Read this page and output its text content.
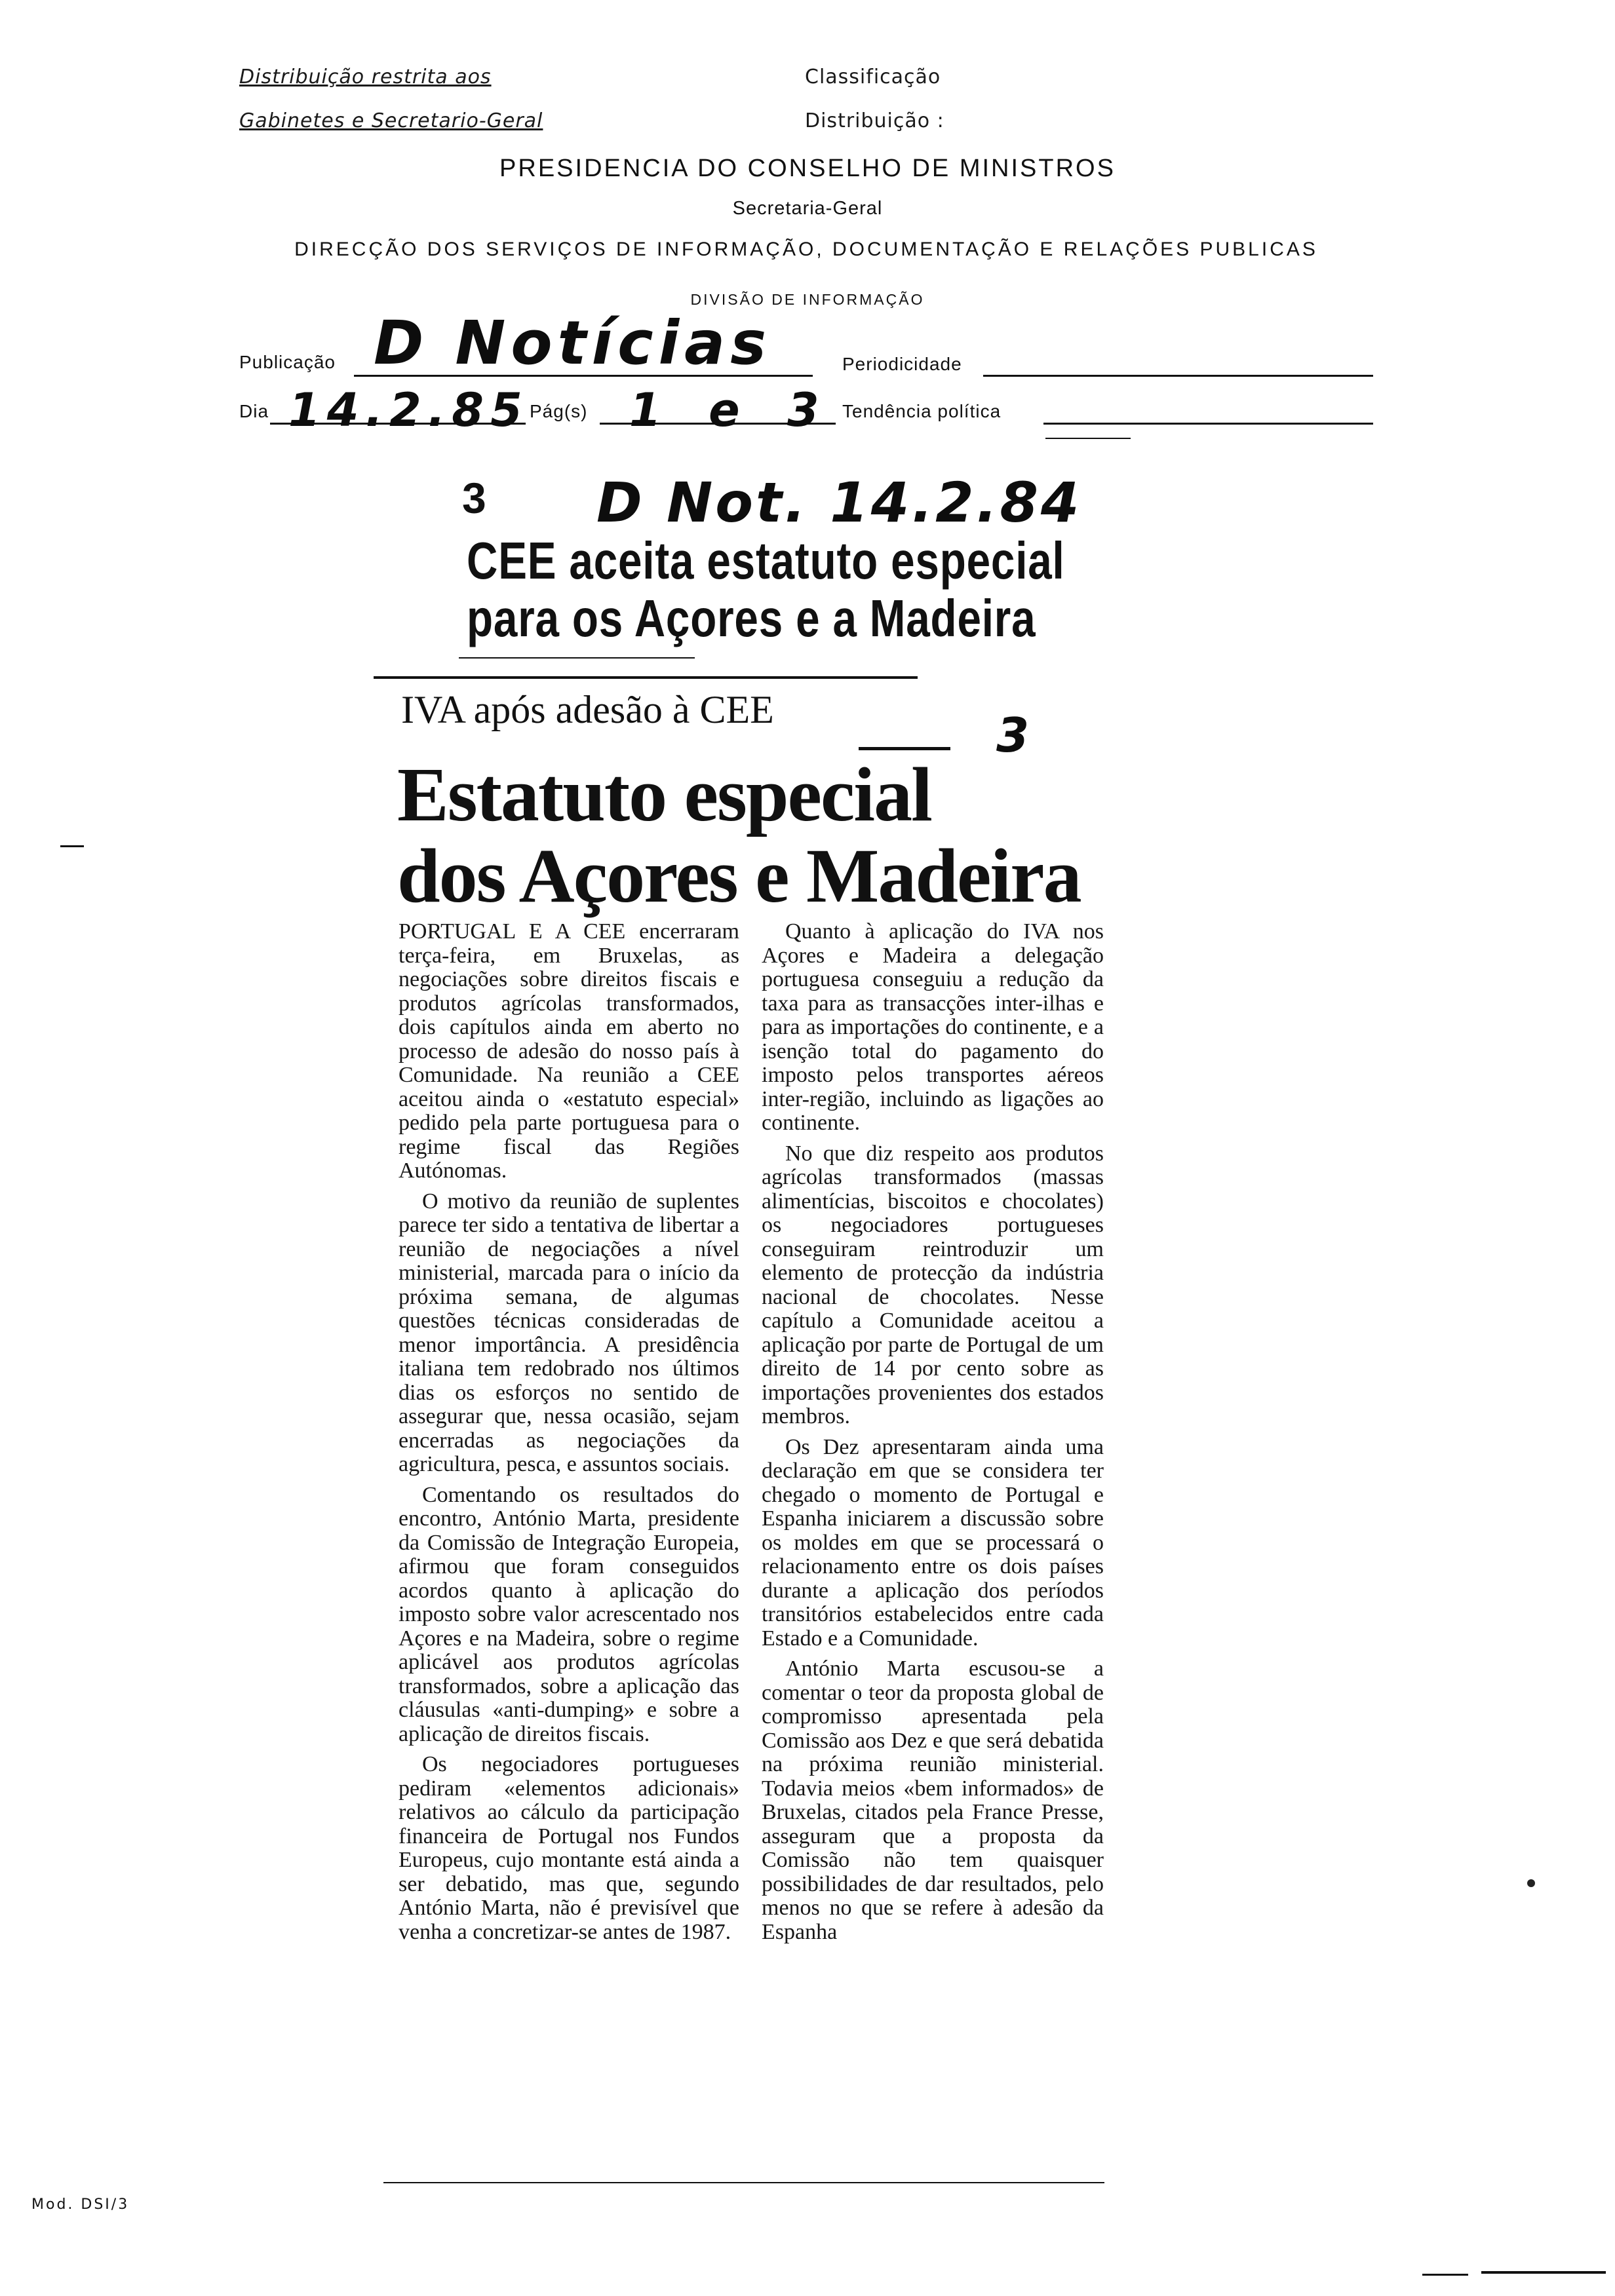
Distribuição restrita aos
Gabinetes e Secretario-Geral
Classificação
Distribuição :
PRESIDENCIA DO CONSELHO DE MINISTROS
Secretaria-Geral
DIRECÇÃO DOS SERVIÇOS DE INFORMAÇÃO, DOCUMENTAÇÃO E RELAÇÕES PUBLICAS
DIVISÃO DE INFORMAÇÃO
Publicação D Notícias	Periodicidade
Dia 14.2.85 Pág(s) 1 e 3 Tendência política
3 D Not. 14.2.84
CEE aceita estatuto especial
para os Açores e a Madeira
IVA após adesão à CEE	3
Estatuto especial
dos Açores e Madeira

PORTUGAL E A CEE encerraram terça-feira, em Bruxelas, as negociações sobre direitos fiscais e produtos agrícolas transformados, dois capítulos ainda em aberto no processo de adesão do nosso país à Comunidade. Na reunião a CEE aceitou ainda o «estatuto especial» pedido pela parte portuguesa para o regime fiscal das Regiões Autónomas.

O motivo da reunião de suplentes parece ter sido a tentativa de libertar a reunião de negociações a nível ministerial, marcada para o início da próxima semana, de algumas questões técnicas consideradas de menor importância. A presidência italiana tem redobrado nos últimos dias os esforços no sentido de assegurar que, nessa ocasião, sejam encerradas as negociações da agricultura, pesca, e assuntos sociais.

Comentando os resultados do encontro, António Marta, presidente da Comissão de Integração Europeia, afirmou que foram conseguidos acordos quanto à aplicação do imposto sobre valor acrescentado nos Açores e na Madeira, sobre o regime aplicável aos produtos agrícolas transformados, sobre a aplicação das cláusulas «anti-dumping» e sobre a aplicação de direitos fiscais.

Os negociadores portugueses pediram «elementos adicionais» relativos ao cálculo da participação financeira de Portugal nos Fundos Europeus, cujo montante está ainda a ser debatido, mas que, segundo António Marta, não é previsível que venha a concretizar-se antes de 1987.

Quanto à aplicação do IVA nos Açores e Madeira a delegação portuguesa conseguiu a redução da taxa para as transacções inter-ilhas e para as importações do continente, e a isenção total do pagamento do imposto pelos transportes aéreos inter-região, incluindo as ligações ao continente.

No que diz respeito aos produtos agrícolas transformados (massas alimentícias, biscoitos e chocolates) os negociadores portugueses conseguiram reintroduzir um elemento de protecção da indústria nacional de chocolates. Nesse capítulo a Comunidade aceitou a aplicação por parte de Portugal de um direito de 14 por cento sobre as importações provenientes dos estados membros.

Os Dez apresentaram ainda uma declaração em que se considera ter chegado o momento de Portugal e Espanha iniciarem a discussão sobre os moldes em que se processará o relacionamento entre os dois países durante a aplicação dos períodos transitórios estabelecidos entre cada Estado e a Comunidade.

António Marta escusou-se a comentar o teor da proposta global de compromisso apresentada pela Comissão aos Dez e que será debatida na próxima reunião ministerial. Todavia meios «bem informados» de Bruxelas, citados pela France Presse, asseguram que a proposta da Comissão não tem quaisquer possibilidades de dar resultados, pelo menos no que se refere à adesão da Espanha

Mod. DSI/3
